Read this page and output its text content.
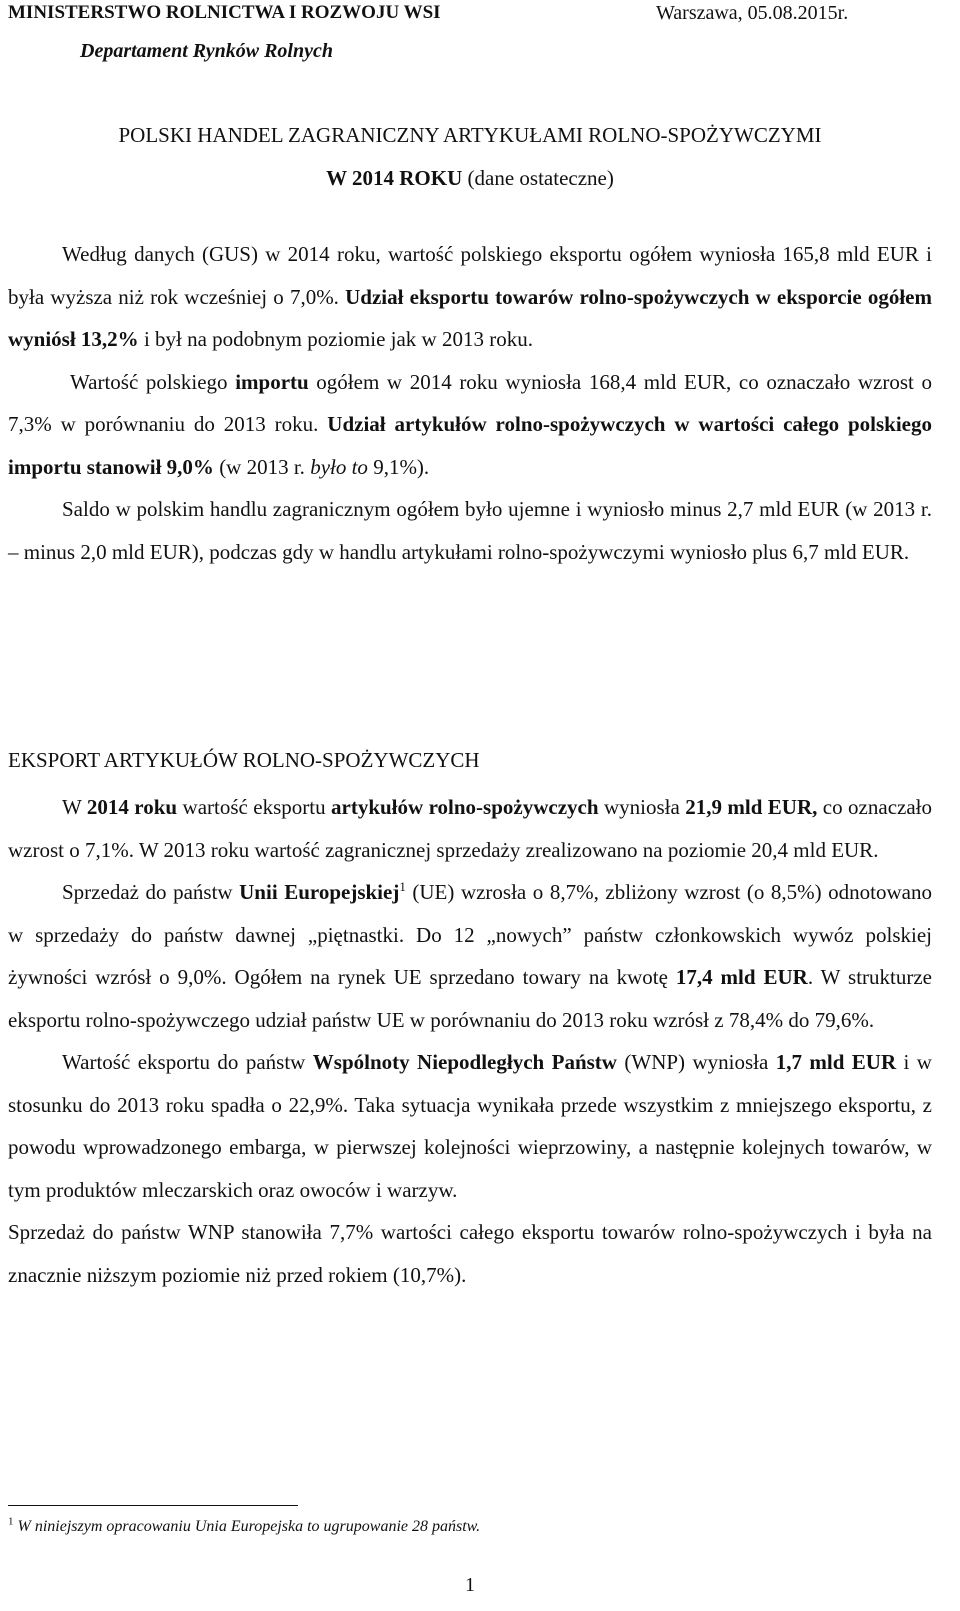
MINISTERSTWO ROLNICTWA I ROZWOJU WSI	Warszawa, 05.08.2015r.
Departament Rynków Rolnych
POLSKI HANDEL ZAGRANICZNY ARTYKUŁAMI ROLNO-SPOŻYWCZYMI
W 2014 ROKU (dane ostateczne)

Według danych (GUS) w 2014 roku, wartość polskiego eksportu ogółem wyniosła 165,8 mld EUR i była wyższa niż rok wcześniej o 7,0%. Udział eksportu towarów rolno-spożywczych w eksporcie ogółem wyniósł 13,2% i był na podobnym poziomie jak w 2013 roku.

Wartość polskiego importu ogółem w 2014 roku wyniosła 168,4 mld EUR, co oznaczało wzrost o 7,3% w porównaniu do 2013 roku. Udział artykułów rolno-spożywczych w wartości całego polskiego importu stanowił 9,0% (w 2013 r. było to 9,1%).

Saldo w polskim handlu zagranicznym ogółem było ujemne i wyniosło minus 2,7 mld EUR (w 2013 r. – minus 2,0 mld EUR), podczas gdy w handlu artykułami rolno-spożywczymi wyniosło plus 6,7 mld EUR.

EKSPORT ARTYKUŁÓW ROLNO-SPOŻYWCZYCH

W 2014 roku wartość eksportu artykułów rolno-spożywczych wyniosła 21,9 mld EUR, co oznaczało wzrost o 7,1%. W 2013 roku wartość zagranicznej sprzedaży zrealizowano na poziomie 20,4 mld EUR.

Sprzedaż do państw Unii Europejskiej$^1$ (UE) wzrosła o 8,7%, zbliżony wzrost (o 8,5%) odnotowano w sprzedaży do państw dawnej „piętnastki. Do 12 „nowych” państw członkowskich wywóz polskiej żywności wzrósł o 9,0%. Ogółem na rynek UE sprzedano towary na kwotę 17,4 mld EUR. W strukturze eksportu rolno-spożywczego udział państw UE w porównaniu do 2013 roku wzrósł z 78,4% do 79,6%.

Wartość eksportu do państw Wspólnoty Niepodległych Państw (WNP) wyniosła 1,7 mld EUR i w stosunku do 2013 roku spadła o 22,9%. Taka sytuacja wynikała przede wszystkim z mniejszego eksportu, z powodu wprowadzonego embarga, w pierwszej kolejności wieprzowiny, a następnie kolejnych towarów, w tym produktów mleczarskich oraz owoców i warzyw.

Sprzedaż do państw WNP stanowiła 7,7% wartości całego eksportu towarów rolno-spożywczych i była na znacznie niższym poziomie niż przed rokiem (10,7%).

$^1$ W niniejszym opracowaniu Unia Europejska to ugrupowanie 28 państw.
1
